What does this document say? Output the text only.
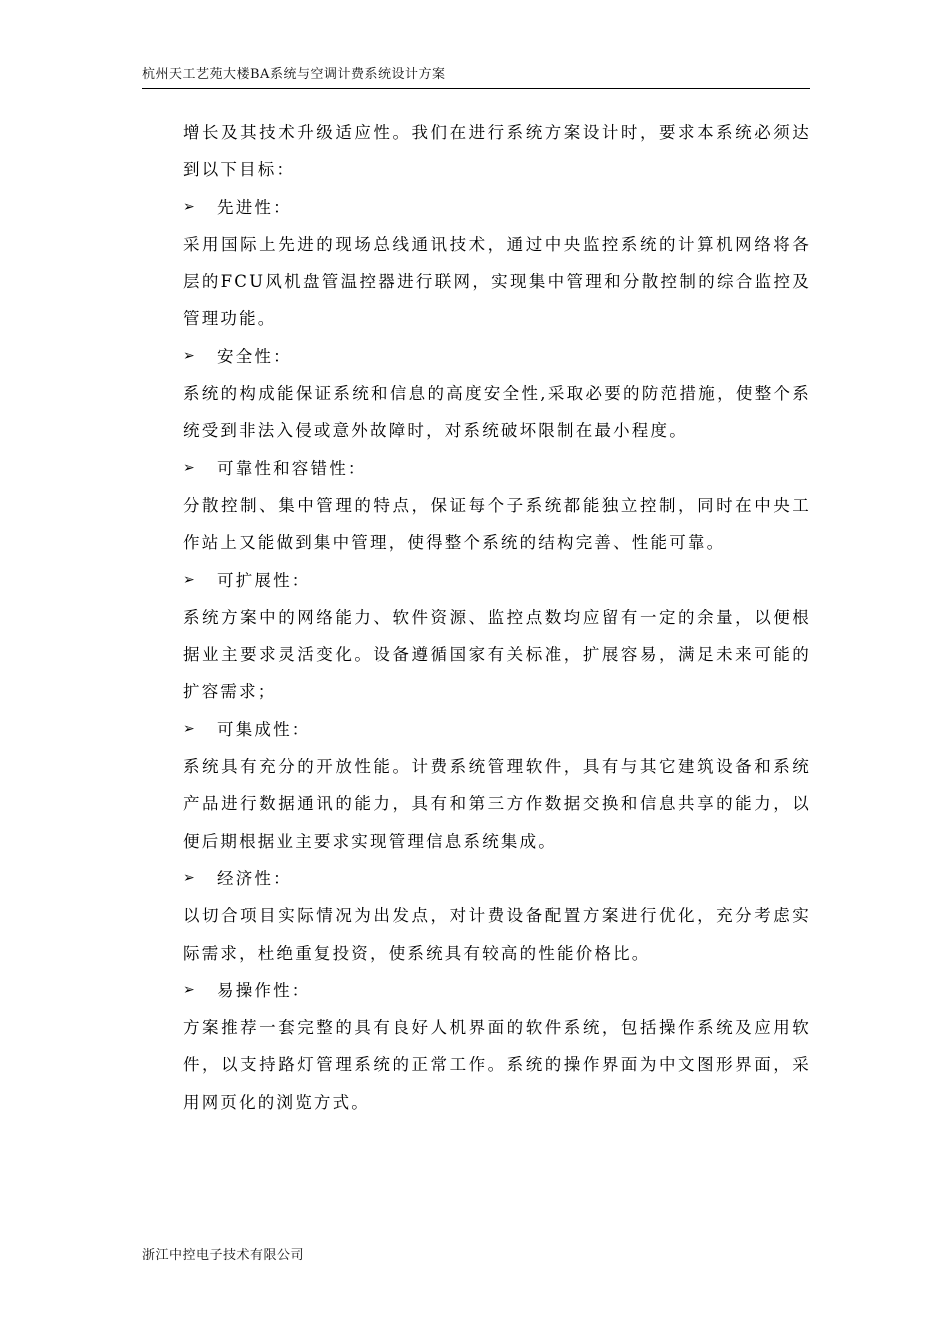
杭州天工艺苑大楼BA系统与空调计费系统设计方案

增长及其技术升级适应性。我们在进行系统方案设计时，要求本系统必须达到以下目标：

➢	先进性：

采用国际上先进的现场总线通讯技术，通过中央监控系统的计算机网络将各层的FCU风机盘管温控器进行联网，实现集中管理和分散控制的综合监控及管理功能。

➢	安全性：

系统的构成能保证系统和信息的高度安全性,采取必要的防范措施，使整个系统受到非法入侵或意外故障时，对系统破坏限制在最小程度。

➢	可靠性和容错性：

分散控制、集中管理的特点，保证每个子系统都能独立控制，同时在中央工作站上又能做到集中管理，使得整个系统的结构完善、性能可靠。

➢	可扩展性：

系统方案中的网络能力、软件资源、监控点数均应留有一定的余量，以便根据业主要求灵活变化。设备遵循国家有关标准，扩展容易，满足未来可能的扩容需求；

➢	可集成性：

系统具有充分的开放性能。计费系统管理软件，具有与其它建筑设备和系统产品进行数据通讯的能力，具有和第三方作数据交换和信息共享的能力，以便后期根据业主要求实现管理信息系统集成。

➢	经济性：

以切合项目实际情况为出发点，对计费设备配置方案进行优化，充分考虑实际需求，杜绝重复投资，使系统具有较高的性能价格比。

➢	易操作性：

方案推荐一套完整的具有良好人机界面的软件系统，包括操作系统及应用软件，以支持路灯管理系统的正常工作。系统的操作界面为中文图形界面，采用网页化的浏览方式。

浙江中控电子技术有限公司
